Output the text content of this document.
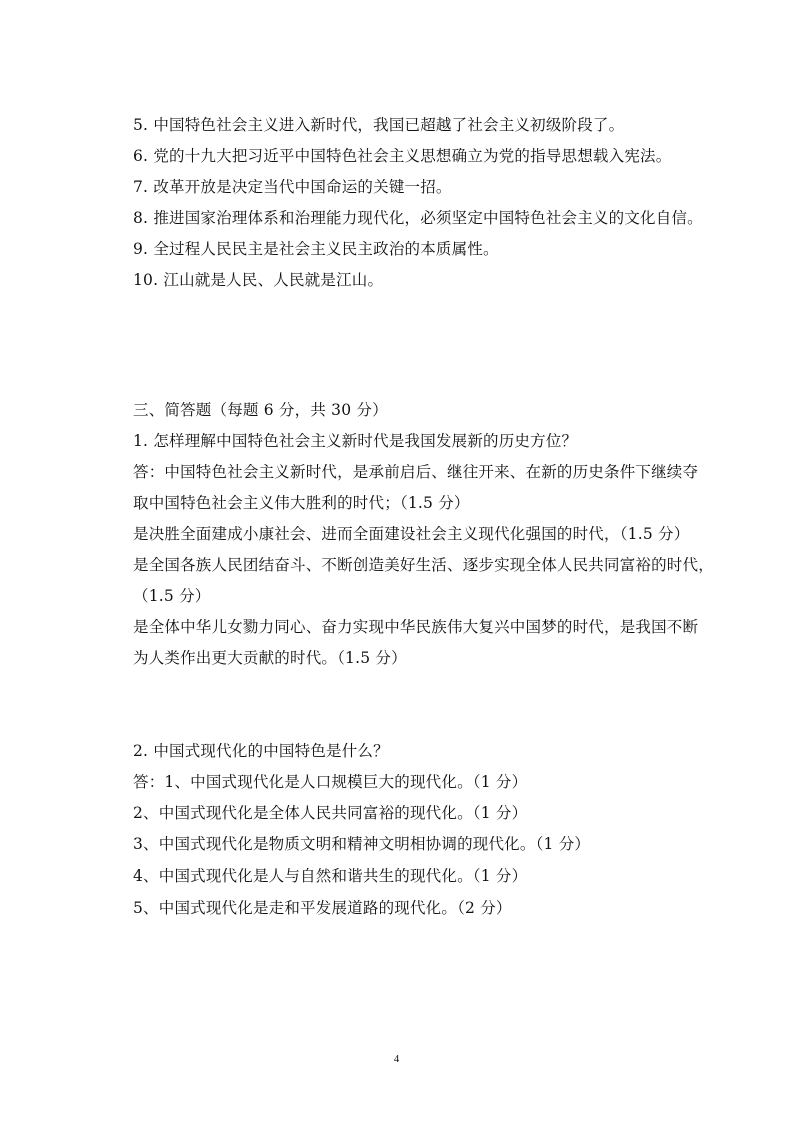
5. 中国特色社会主义进入新时代，我国已超越了社会主义初级阶段了。
6. 党的十九大把习近平中国特色社会主义思想确立为党的指导思想载入宪法。
7. 改革开放是决定当代中国命运的关键一招。
8. 推进国家治理体系和治理能力现代化，必须坚定中国特色社会主义的文化自信。
9. 全过程人民民主是社会主义民主政治的本质属性。
10. 江山就是人民、人民就是江山。
三、简答题（每题 6 分，共 30 分）
1. 怎样理解中国特色社会主义新时代是我国发展新的历史方位？
答：中国特色社会主义新时代，是承前启后、继往开来、在新的历史条件下继续夺
取中国特色社会主义伟大胜利的时代；（1.5 分）
是决胜全面建成小康社会、进而全面建设社会主义现代化强国的时代，（1.5 分）
是全国各族人民团结奋斗、不断创造美好生活、逐步实现全体人民共同富裕的时代，
（1.5 分）
是全体中华儿女勠力同心、奋力实现中华民族伟大复兴中国梦的时代，是我国不断
为人类作出更大贡献的时代。（1.5 分）
2. 中国式现代化的中国特色是什么？
答：1、中国式现代化是人口规模巨大的现代化。（1 分）
2、中国式现代化是全体人民共同富裕的现代化。（1 分）
3、中国式现代化是物质文明和精神文明相协调的现代化。（1 分）
4、中国式现代化是人与自然和谐共生的现代化。（1 分）
5、中国式现代化是走和平发展道路的现代化。（2 分）
4
